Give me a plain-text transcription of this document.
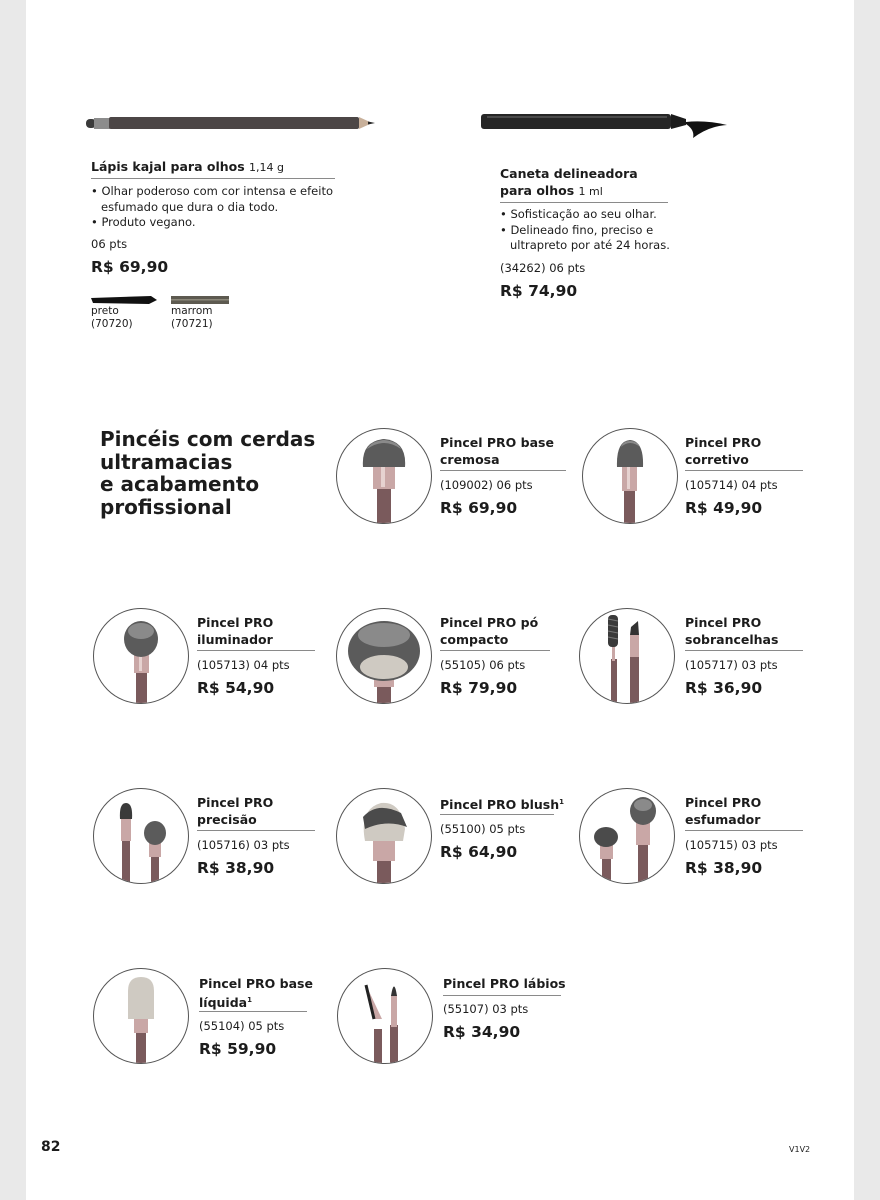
Lápis kajal para olhos 1,14 g
• Olhar poderoso com cor intensa e efeito
esfumado que dura o dia todo.
• Produto vegano.
06 pts
R$ 69,90
preto
(70720)
marrom
(70721)
Caneta delineadora
para olhos 1 ml
• Sofisticação ao seu olhar.
• Delineado fino, preciso e
ultrapreto por até 24 horas.
(34262) 06 pts
R$ 74,90
Pincéis com cerdas
ultramacias
e acabamento
profissional
Pincel PRO base
cremosa
(109002) 06 pts
R$ 69,90
Pincel PRO
corretivo
(105714) 04 pts
R$ 49,90
Pincel PRO
iluminador
(105713) 04 pts
R$ 54,90
Pincel PRO pó
compacto
(55105) 06 pts
R$ 79,90
Pincel PRO
sobrancelhas
(105717) 03 pts
R$ 36,90
Pincel PRO
precisão
(105716) 03 pts
R$ 38,90
Pincel PRO blush$^1$
(55100) 05 pts
R$ 64,90
Pincel PRO
esfumador
(105715) 03 pts
R$ 38,90
Pincel PRO base
líquida$^1$
(55104) 05 pts
R$ 59,90
Pincel PRO lábios
(55107) 03 pts
R$ 34,90
82	V1V2
